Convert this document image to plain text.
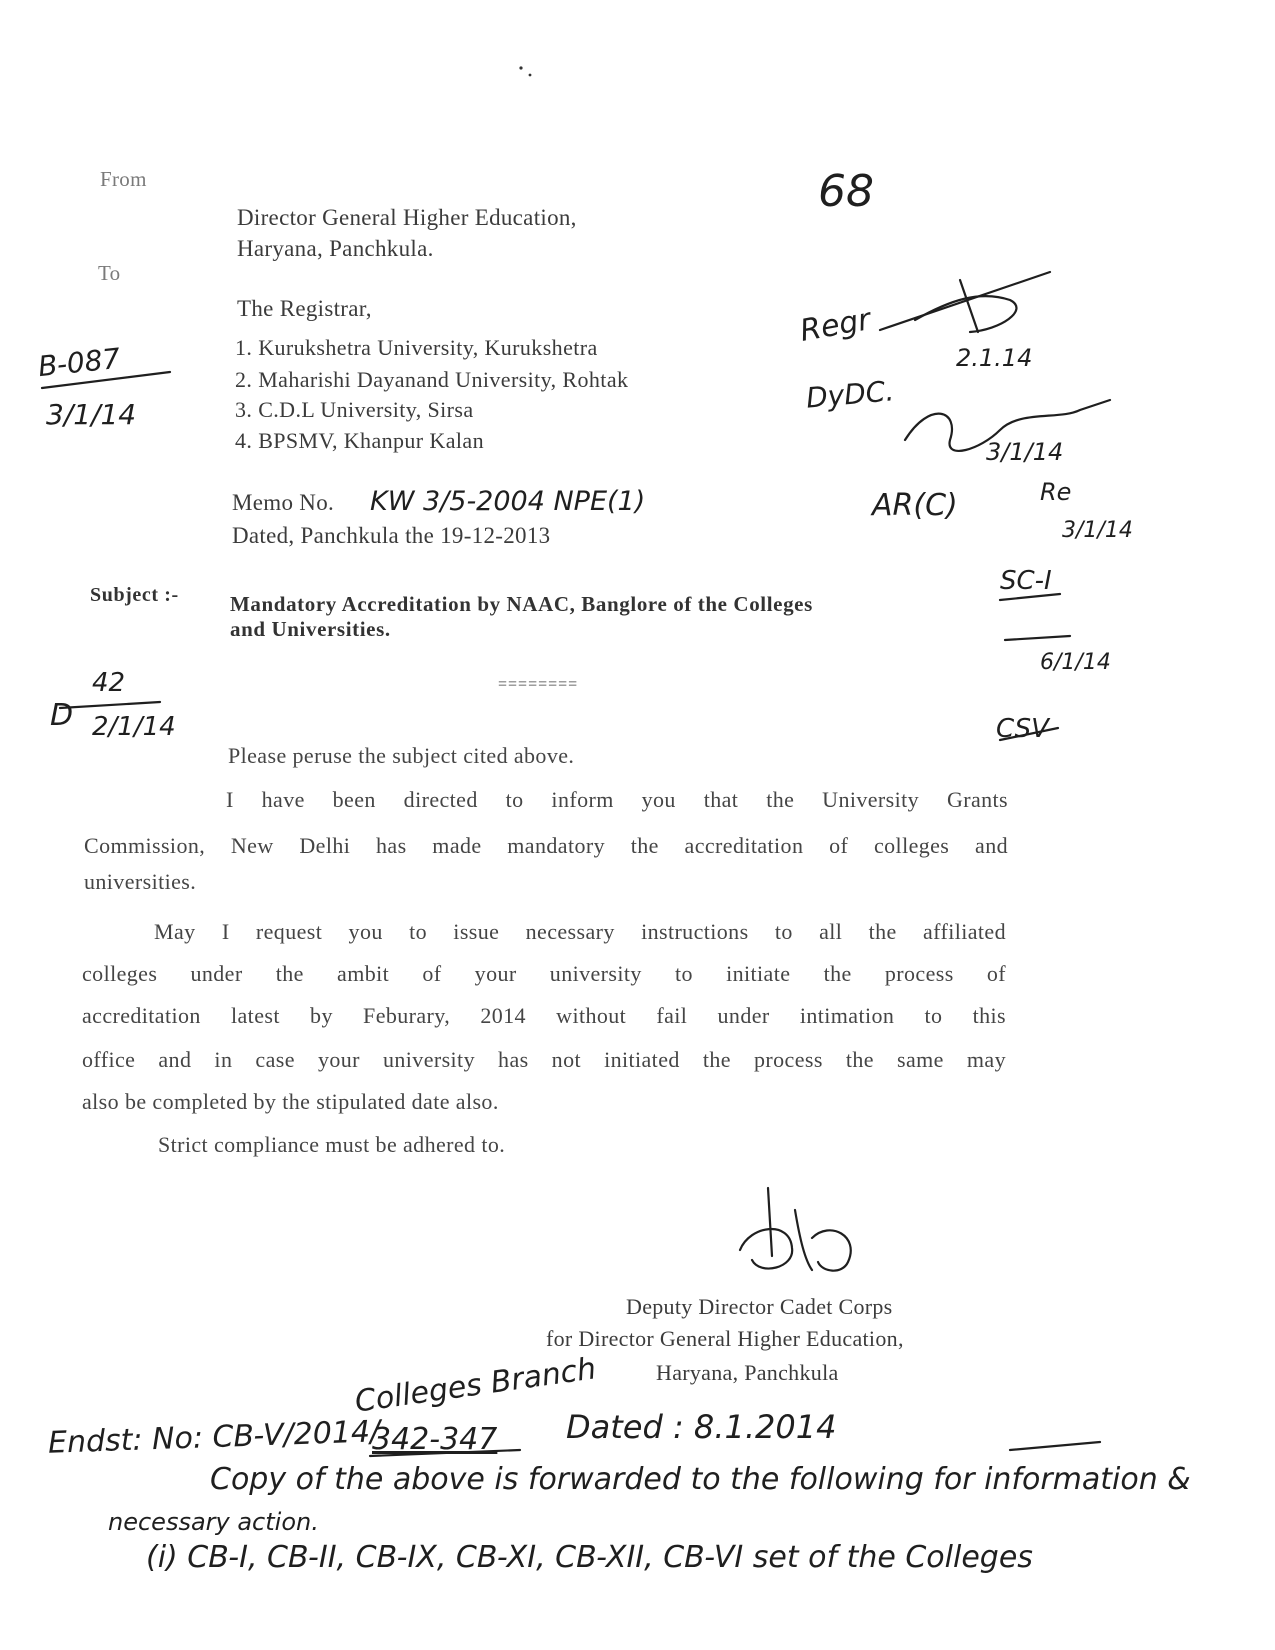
From
Director General Higher Education,
Haryana, Panchkula.
To
The Registrar,
1. Kurukshetra University, Kurukshetra
2. Maharishi Dayanand University, Rohtak
3. C.D.L University, Sirsa
4. BPSMV, Khanpur Kalan
Memo No. KW 3/5-2004 NPE(1)
Dated, Panchkula the 19-12-2013
Subject :- Mandatory Accreditation by NAAC, Banglore of the Colleges
and Universities.
========
Please peruse the subject cited above.
I have been directed to inform you that the University Grants
Commission, New Delhi has made mandatory the accreditation of colleges and
universities.
May I request you to issue necessary instructions to all the affiliated
colleges under the ambit of your university to initiate the process of
accreditation latest by Feburary, 2014 without fail under intimation to this
office and in case your university has not initiated the process the same may
also be completed by the stipulated date also.
Strict compliance must be adhered to.
Deputy Director Cadet Corps
for Director General Higher Education,
Haryana, Panchkula
68
B-087
3/1/14
Regr
2.1.14
DyDC.
3/1/14
AR(C)	Re
3/1/14
SC-I
6/1/14
CSV
D
42
2/1/14
Colleges Branch
Endst: No: CB-V/2014/
342-347 Dated : 8.1.2014
Copy of the above is forwarded to the following for information &
necessary action.
(i) CB-I, CB-II, CB-IX, CB-XI, CB-XII, CB-VI set of the Colleges
